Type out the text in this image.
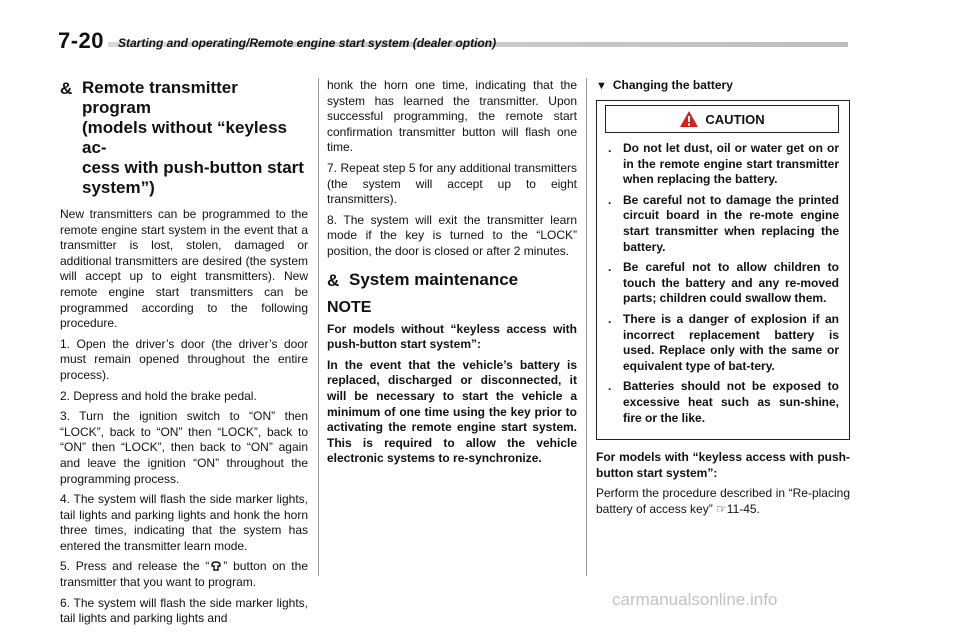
7-20 Starting and operating/Remote engine start system (dealer option)
& Remote transmitter program
(models without “keyless ac-
cess with push-button start
system”)

New transmitters can be programmed to the remote engine start system in the event that a transmitter is lost, stolen, damaged or additional transmitters are desired (the system will accept up to eight transmitters). New remote engine start transmitters can be programmed according to the following procedure.

1. Open the driver’s door (the driver’s door must remain opened throughout the entire process).

2. Depress and hold the brake pedal.

3. Turn the ignition switch to “ON” then “LOCK”, back to “ON” then “LOCK”, back to “ON” then “LOCK”, then back to “ON” again and leave the ignition “ON” throughout the programming process.

4. The system will flash the side marker lights, tail lights and parking lights and honk the horn three times, indicating that the system has entered the transmitter learn mode.

5. Press and release the “ ” button on the transmitter that you want to program.

6. The system will flash the side marker lights, tail lights and parking lights and

honk the horn one time, indicating that the system has learned the transmitter. Upon successful programming, the remote start confirmation transmitter button will flash one time.

7. Repeat step 5 for any additional transmitters (the system will accept up to eight transmitters).

8. The system will exit the transmitter learn mode if the key is turned to the “LOCK” position, the door is closed or after 2 minutes.

& System maintenance
NOTE

For models without “keyless access with push-button start system”:

In the event that the vehicle’s battery is replaced, discharged or disconnected, it will be necessary to start the vehicle a minimum of one time using the key prior to activating the remote engine start system. This is required to allow the vehicle electronic systems to re-synchronize.

▼ Changing the battery
CAUTION
. Do not let dust, oil or water get on or in the remote engine start transmitter when replacing the battery.
. Be careful not to damage the printed circuit board in the re-mote engine start transmitter when replacing the battery.
. Be careful not to allow children to touch the battery and any re-moved parts; children could swallow them.
. There is a danger of explosion if an incorrect replacement battery is used. Replace only with the same or equivalent type of bat-tery.
. Batteries should not be exposed to excessive heat such as sun-shine, fire or the like.

For models with “keyless access with push-button start system”:

Perform the procedure described in “Re-placing battery of access key” ☞11-45.

carmanualsonline.info
